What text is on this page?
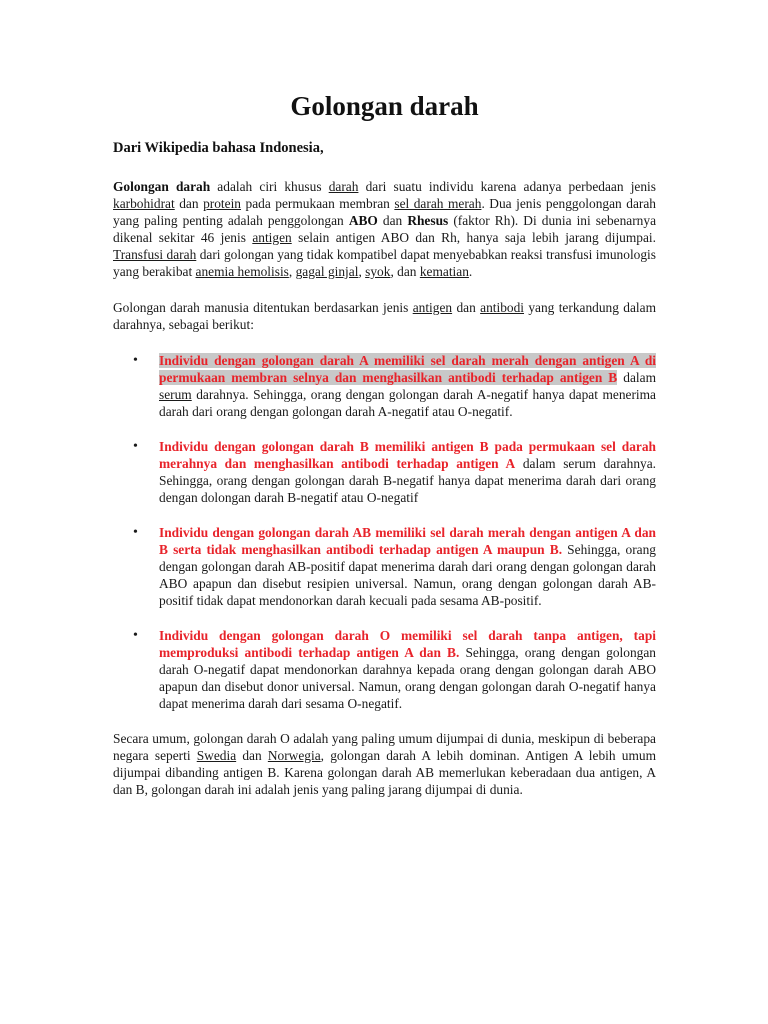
Golongan darah
Dari Wikipedia bahasa Indonesia,

Golongan darah adalah ciri khusus darah dari suatu individu karena adanya perbedaan jenis karbohidrat dan protein pada permukaan membran sel darah merah. Dua jenis penggolongan darah yang paling penting adalah penggolongan ABO dan Rhesus (faktor Rh). Di dunia ini sebenarnya dikenal sekitar 46 jenis antigen selain antigen ABO dan Rh, hanya saja lebih jarang dijumpai. Transfusi darah dari golongan yang tidak kompatibel dapat menyebabkan reaksi transfusi imunologis yang berakibat anemia hemolisis, gagal ginjal, syok, dan kematian.

Golongan darah manusia ditentukan berdasarkan jenis antigen dan antibodi yang terkandung dalam darahnya, sebagai berikut:

• Individu dengan golongan darah A memiliki sel darah merah dengan antigen A di permukaan membran selnya dan menghasilkan antibodi terhadap antigen B dalam serum darahnya. Sehingga, orang dengan golongan darah A-negatif hanya dapat menerima darah dari orang dengan golongan darah A-negatif atau O-negatif.
• Individu dengan golongan darah B memiliki antigen B pada permukaan sel darah merahnya dan menghasilkan antibodi terhadap antigen A dalam serum darahnya. Sehingga, orang dengan golongan darah B-negatif hanya dapat menerima darah dari orang dengan dolongan darah B-negatif atau O-negatif
• Individu dengan golongan darah AB memiliki sel darah merah dengan antigen A dan B serta tidak menghasilkan antibodi terhadap antigen A maupun B. Sehingga, orang dengan golongan darah AB-positif dapat menerima darah dari orang dengan golongan darah ABO apapun dan disebut resipien universal. Namun, orang dengan golongan darah AB-positif tidak dapat mendonorkan darah kecuali pada sesama AB-positif.
• Individu dengan golongan darah O memiliki sel darah tanpa antigen, tapi memproduksi antibodi terhadap antigen A dan B. Sehingga, orang dengan golongan darah O-negatif dapat mendonorkan darahnya kepada orang dengan golongan darah ABO apapun dan disebut donor universal. Namun, orang dengan golongan darah O-negatif hanya dapat menerima darah dari sesama O-negatif.

Secara umum, golongan darah O adalah yang paling umum dijumpai di dunia, meskipun di beberapa negara seperti Swedia dan Norwegia, golongan darah A lebih dominan. Antigen A lebih umum dijumpai dibanding antigen B. Karena golongan darah AB memerlukan keberadaan dua antigen, A dan B, golongan darah ini adalah jenis yang paling jarang dijumpai di dunia.
